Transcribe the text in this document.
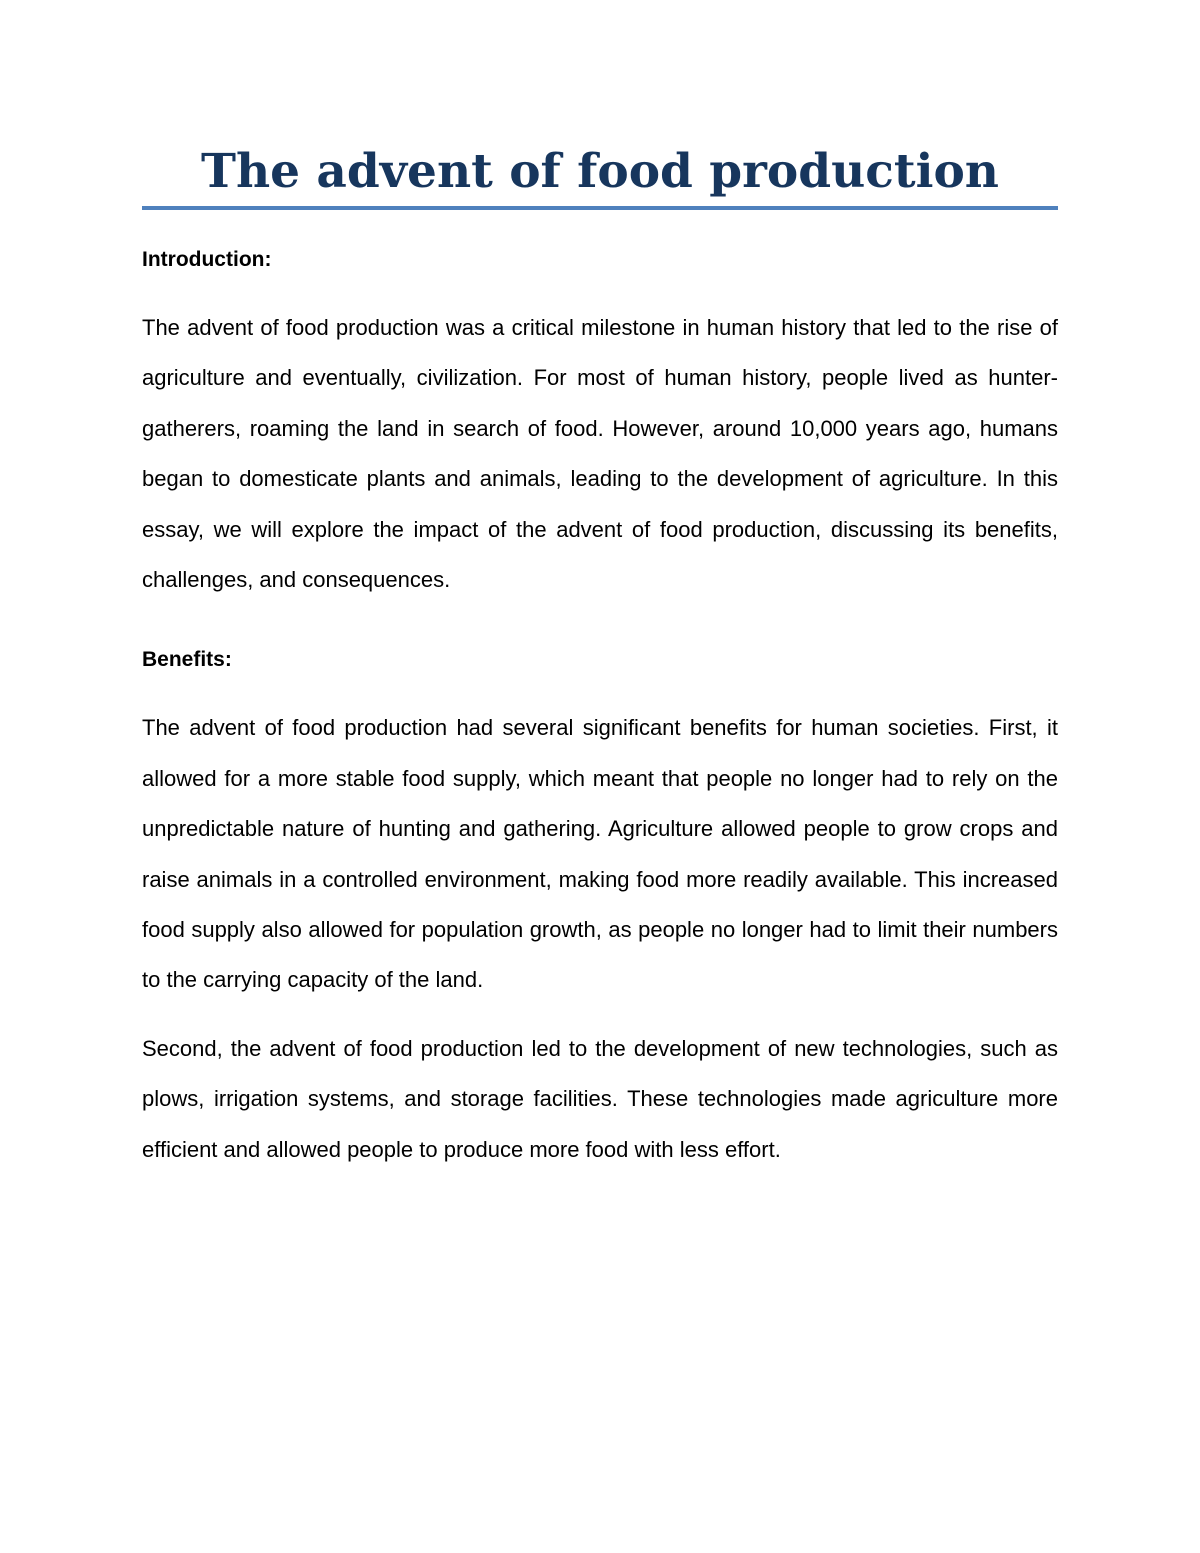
The advent of food production
Introduction:

The advent of food production was a critical milestone in human history that led to the rise of agriculture and eventually, civilization. For most of human history, people lived as hunter-gatherers, roaming the land in search of food. However, around 10,000 years ago, humans began to domesticate plants and animals, leading to the development of agriculture. In this essay, we will explore the impact of the advent of food production, discussing its benefits, challenges, and consequences.

Benefits:

The advent of food production had several significant benefits for human societies. First, it allowed for a more stable food supply, which meant that people no longer had to rely on the unpredictable nature of hunting and gathering. Agriculture allowed people to grow crops and raise animals in a controlled environment, making food more readily available. This increased food supply also allowed for population growth, as people no longer had to limit their numbers to the carrying capacity of the land.

Second, the advent of food production led to the development of new technologies, such as plows, irrigation systems, and storage facilities. These technologies made agriculture more efficient and allowed people to produce more food with less effort.
